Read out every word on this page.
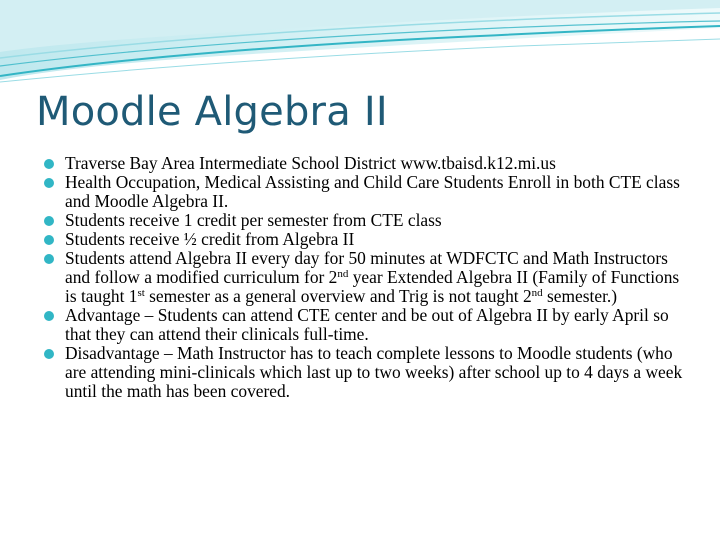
Moodle Algebra II
Traverse Bay Area Intermediate School District www.tbaisd.k12.mi.us
Health Occupation, Medical Assisting and Child Care Students Enroll in both CTE class and Moodle Algebra II.
Students receive 1 credit per semester from CTE class
Students receive ½ credit from Algebra II
Students attend Algebra II every day for 50 minutes at WDFCTC and Math Instructors and follow a modified curriculum for 2nd year Extended Algebra II (Family of Functions is taught 1st semester as a general overview and Trig is not taught 2nd semester.)
Advantage – Students can attend CTE center and be out of Algebra II by early April so that they can attend their clinicals full-time.
Disadvantage – Math Instructor has to teach complete lessons to Moodle students (who are attending mini-clinicals which last up to two weeks) after school up to 4 days a week until the math has been covered.
